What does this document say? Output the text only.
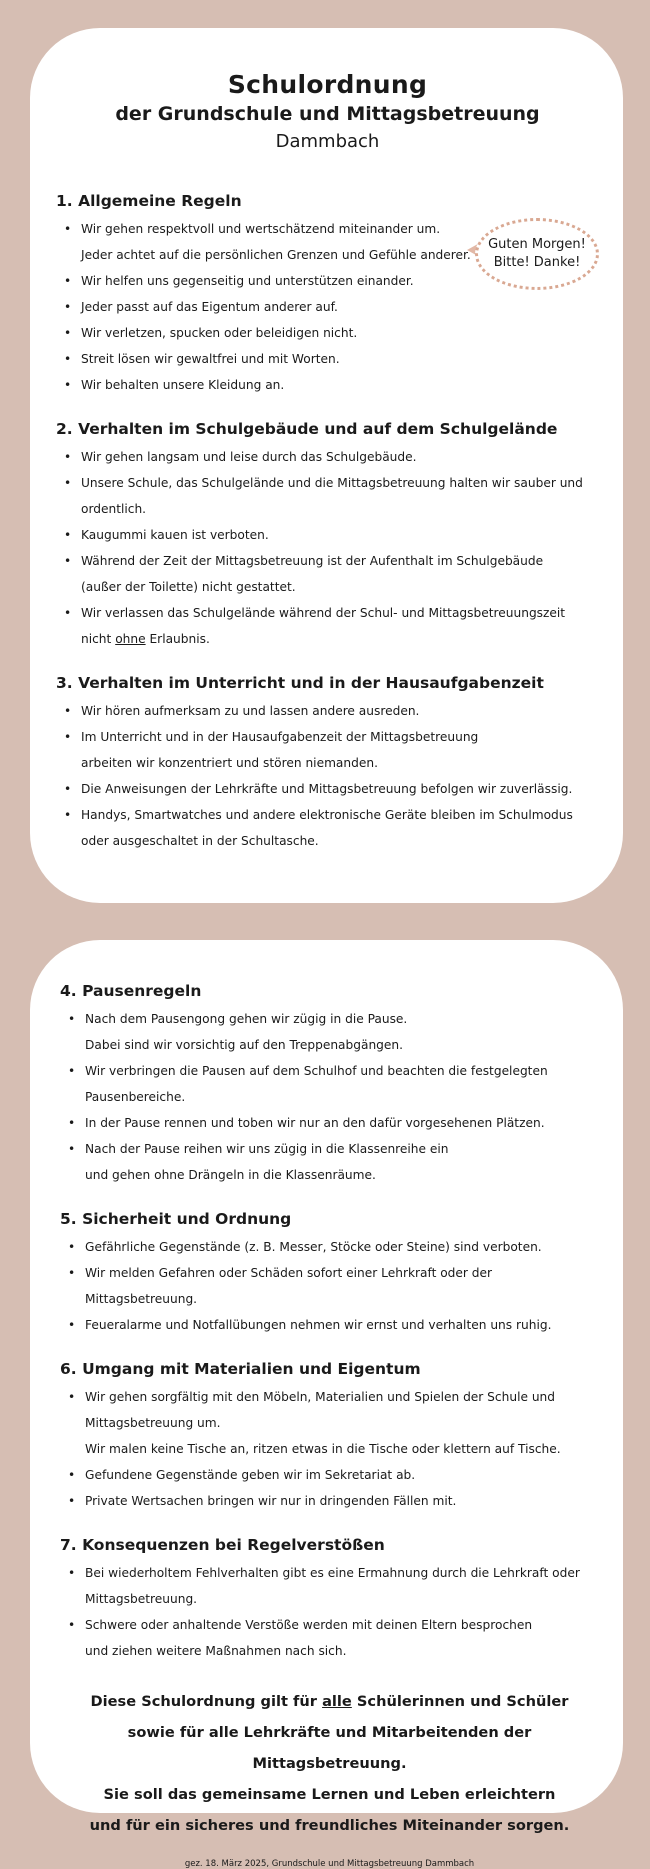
Schulordnung
der Grundschule und Mittagsbetreuung
Dammbach
1. Allgemeine Regeln
• Wir gehen respektvoll und wertschätzend miteinander um.
Jeder achtet auf die persönlichen Grenzen und Gefühle anderer.
• Wir helfen uns gegenseitig und unterstützen einander.
• Jeder passt auf das Eigentum anderer auf.
• Wir verletzen, spucken oder beleidigen nicht.
• Streit lösen wir gewaltfrei und mit Worten.
• Wir behalten unsere Kleidung an.
Guten Morgen!
Bitte! Danke!
2. Verhalten im Schulgebäude und auf dem Schulgelände
• Wir gehen langsam und leise durch das Schulgebäude.
• Unsere Schule, das Schulgelände und die Mittagsbetreuung halten wir sauber und ordentlich.
• Kaugummi kauen ist verboten.
• Während der Zeit der Mittagsbetreuung ist der Aufenthalt im Schulgebäude
(außer der Toilette) nicht gestattet.
• Wir verlassen das Schulgelände während der Schul- und Mittagsbetreuungszeit
nicht ohne Erlaubnis.
3. Verhalten im Unterricht und in der Hausaufgabenzeit
• Wir hören aufmerksam zu und lassen andere ausreden.
• Im Unterricht und in der Hausaufgabenzeit der Mittagsbetreuung
arbeiten wir konzentriert und stören niemanden.
• Die Anweisungen der Lehrkräfte und Mittagsbetreuung befolgen wir zuverlässig.
• Handys, Smartwatches und andere elektronische Geräte bleiben im Schulmodus
oder ausgeschaltet in der Schultasche.
4. Pausenregeln
• Nach dem Pausengong gehen wir zügig in die Pause.
Dabei sind wir vorsichtig auf den Treppenabgängen.
• Wir verbringen die Pausen auf dem Schulhof und beachten die festgelegten Pausenbereiche.
• In der Pause rennen und toben wir nur an den dafür vorgesehenen Plätzen.
• Nach der Pause reihen wir uns zügig in die Klassenreihe ein
und gehen ohne Drängeln in die Klassenräume.
5. Sicherheit und Ordnung
• Gefährliche Gegenstände (z. B. Messer, Stöcke oder Steine) sind verboten.
• Wir melden Gefahren oder Schäden sofort einer Lehrkraft oder der Mittagsbetreuung.
• Feueralarme und Notfallübungen nehmen wir ernst und verhalten uns ruhig.
6. Umgang mit Materialien und Eigentum
• Wir gehen sorgfältig mit den Möbeln, Materialien und Spielen der Schule und
Mittagsbetreuung um.
Wir malen keine Tische an, ritzen etwas in die Tische oder klettern auf Tische.
• Gefundene Gegenstände geben wir im Sekretariat ab.
• Private Wertsachen bringen wir nur in dringenden Fällen mit.
7. Konsequenzen bei Regelverstößen
• Bei wiederholtem Fehlverhalten gibt es eine Ermahnung durch die Lehrkraft oder
Mittagsbetreuung.
• Schwere oder anhaltende Verstöße werden mit deinen Eltern besprochen
und ziehen weitere Maßnahmen nach sich.
Diese Schulordnung gilt für alle Schülerinnen und Schüler
sowie für alle Lehrkräfte und Mitarbeitenden der Mittagsbetreuung.
Sie soll das gemeinsame Lernen und Leben erleichtern
und für ein sicheres und freundliches Miteinander sorgen.
gez. 18. März 2025, Grundschule und Mittagsbetreuung Dammbach
